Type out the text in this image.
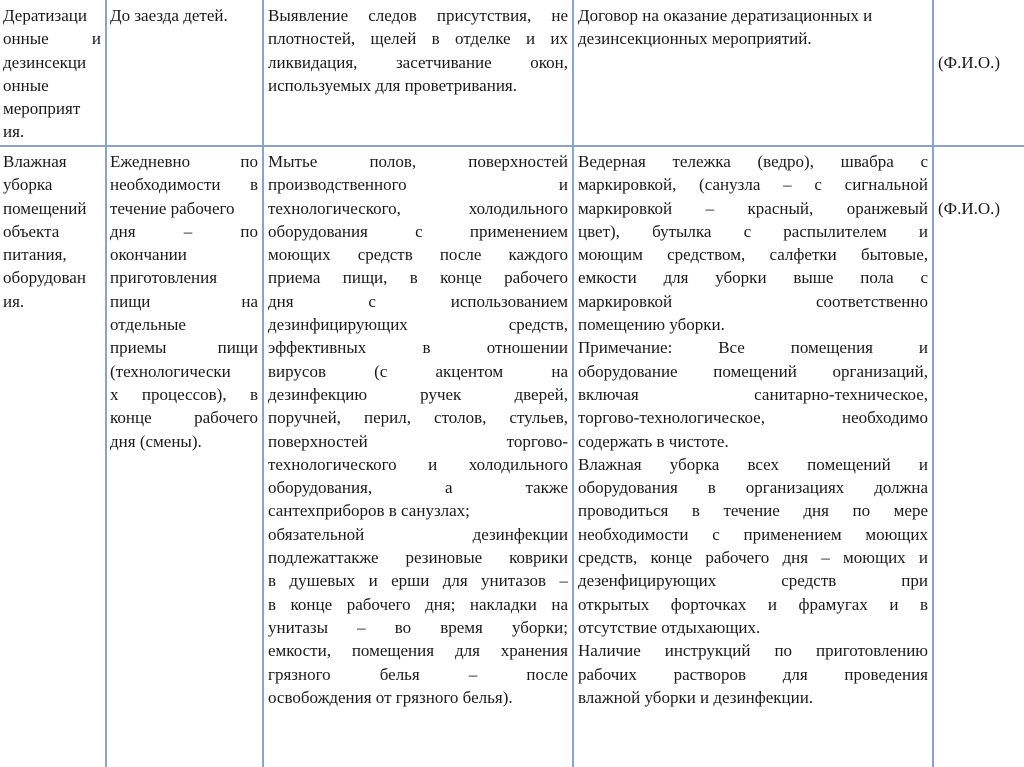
Дератизаци
онные и
дезинсекци
онные
мероприят
ия.
До заезда детей.	Выявление следов присутствия, не
плотностей, щелей в отделке и их
ликвидация, засетчивание окон,
используемых для проветривания.
Договор на оказание дератизационных и
дезинсекционных мероприятий.
(Ф.И.О.)
Влажная
уборка
помещений
объекта
питания,
оборудован
ия.
Ежедневно по
необходимости в
течение рабочего
дня – по
окончании
приготовления
пищи на
отдельные
приемы пищи
(технологически
х процессов), в
конце рабочего
дня (смены).
Мытье полов, поверхностей
производственного и
технологического, холодильного
оборудования с применением
моющих средств после каждого
приема пищи, в конце рабочего
дня с использованием
дезинфицирующих средств,
эффективных в отношении
вирусов (с акцентом на
дезинфекцию ручек дверей,
поручней, перил, столов, стульев,
поверхностей торгово-
технологического и холодильного
оборудования, а также
сантехприборов в санузлах;
обязательной дезинфекции
подлежаттакже резиновые коврики
в душевых и ерши для унитазов –
в конце рабочего дня; накладки на
унитазы – во время уборки;
емкости, помещения для хранения
грязного белья – после
освобождения от грязного белья).
Ведерная тележка (ведро), швабра с
маркировкой, (санузла – с сигнальной
маркировкой – красный, оранжевый
цвет), бутылка с распылителем и
моющим средством, салфетки бытовые,
емкости для уборки выше пола с
маркировкой соответственно
помещению уборки.
Примечание: Все помещения и
оборудование помещений организаций,
включая санитарно-техническое,
торгово-технологическое, необходимо
содержать в чистоте.
Влажная уборка всех помещений и
оборудования в организациях должна
проводиться в течение дня по мере
необходимости с применением моющих
средств, конце рабочего дня – моющих и
дезенфицирующих средств при
открытых форточках и фрамугах и в
отсутствие отдыхающих.
Наличие инструкций по приготовлению
рабочих растворов для проведения
влажной уборки и дезинфекции.
(Ф.И.О.)
